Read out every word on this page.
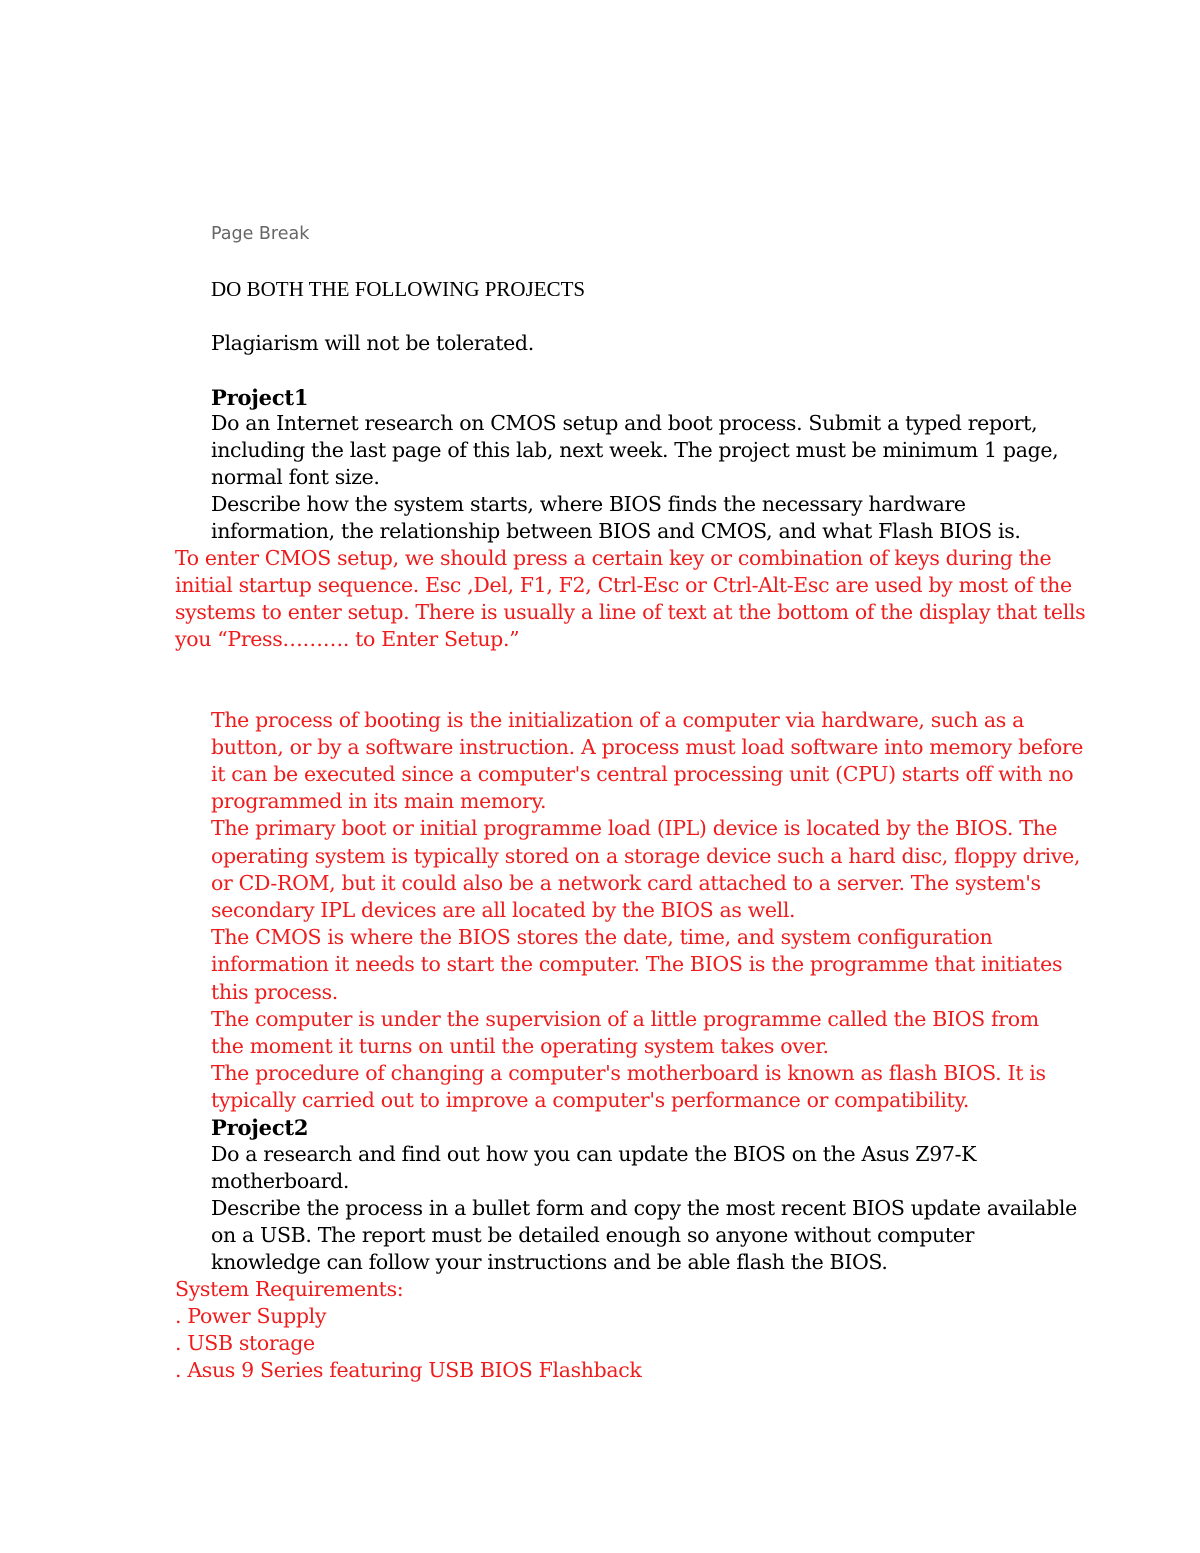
Page Break

DO BOTH THE FOLLOWING PROJECTS

Plagiarism will not be tolerated.

Project1

Do an Internet research on CMOS setup and boot process. Submit a typed report,

including the last page of this lab, next week. The project must be minimum 1 page,

normal font size.

Describe how the system starts, where BIOS finds the necessary hardware

information, the relationship between BIOS and CMOS, and what Flash BIOS is.

To enter CMOS setup, we should press a certain key or combination of keys during the

initial startup sequence. Esc ,Del, F1, F2, Ctrl-Esc or Ctrl-Alt-Esc are used by most of the

systems to enter setup. There is usually a line of text at the bottom of the display that tells

you “Press………. to Enter Setup.”

The process of booting is the initialization of a computer via hardware, such as a

button, or by a software instruction. A process must load software into memory before

it can be executed since a computer's central processing unit (CPU) starts off with no

programmed in its main memory.

The primary boot or initial programme load (IPL) device is located by the BIOS. The

operating system is typically stored on a storage device such a hard disc, floppy drive,

or CD-ROM, but it could also be a network card attached to a server. The system's

secondary IPL devices are all located by the BIOS as well.

The CMOS is where the BIOS stores the date, time, and system configuration

information it needs to start the computer. The BIOS is the programme that initiates

this process.

The computer is under the supervision of a little programme called the BIOS from

the moment it turns on until the operating system takes over.

The procedure of changing a computer's motherboard is known as flash BIOS. It is

typically carried out to improve a computer's performance or compatibility.

Project2

Do a research and find out how you can update the BIOS on the Asus Z97-K

motherboard.

Describe the process in a bullet form and copy the most recent BIOS update available

on a USB. The report must be detailed enough so anyone without computer

knowledge can follow your instructions and be able flash the BIOS.

System Requirements:

. Power Supply

. USB storage

. Asus 9 Series featuring USB BIOS Flashback
